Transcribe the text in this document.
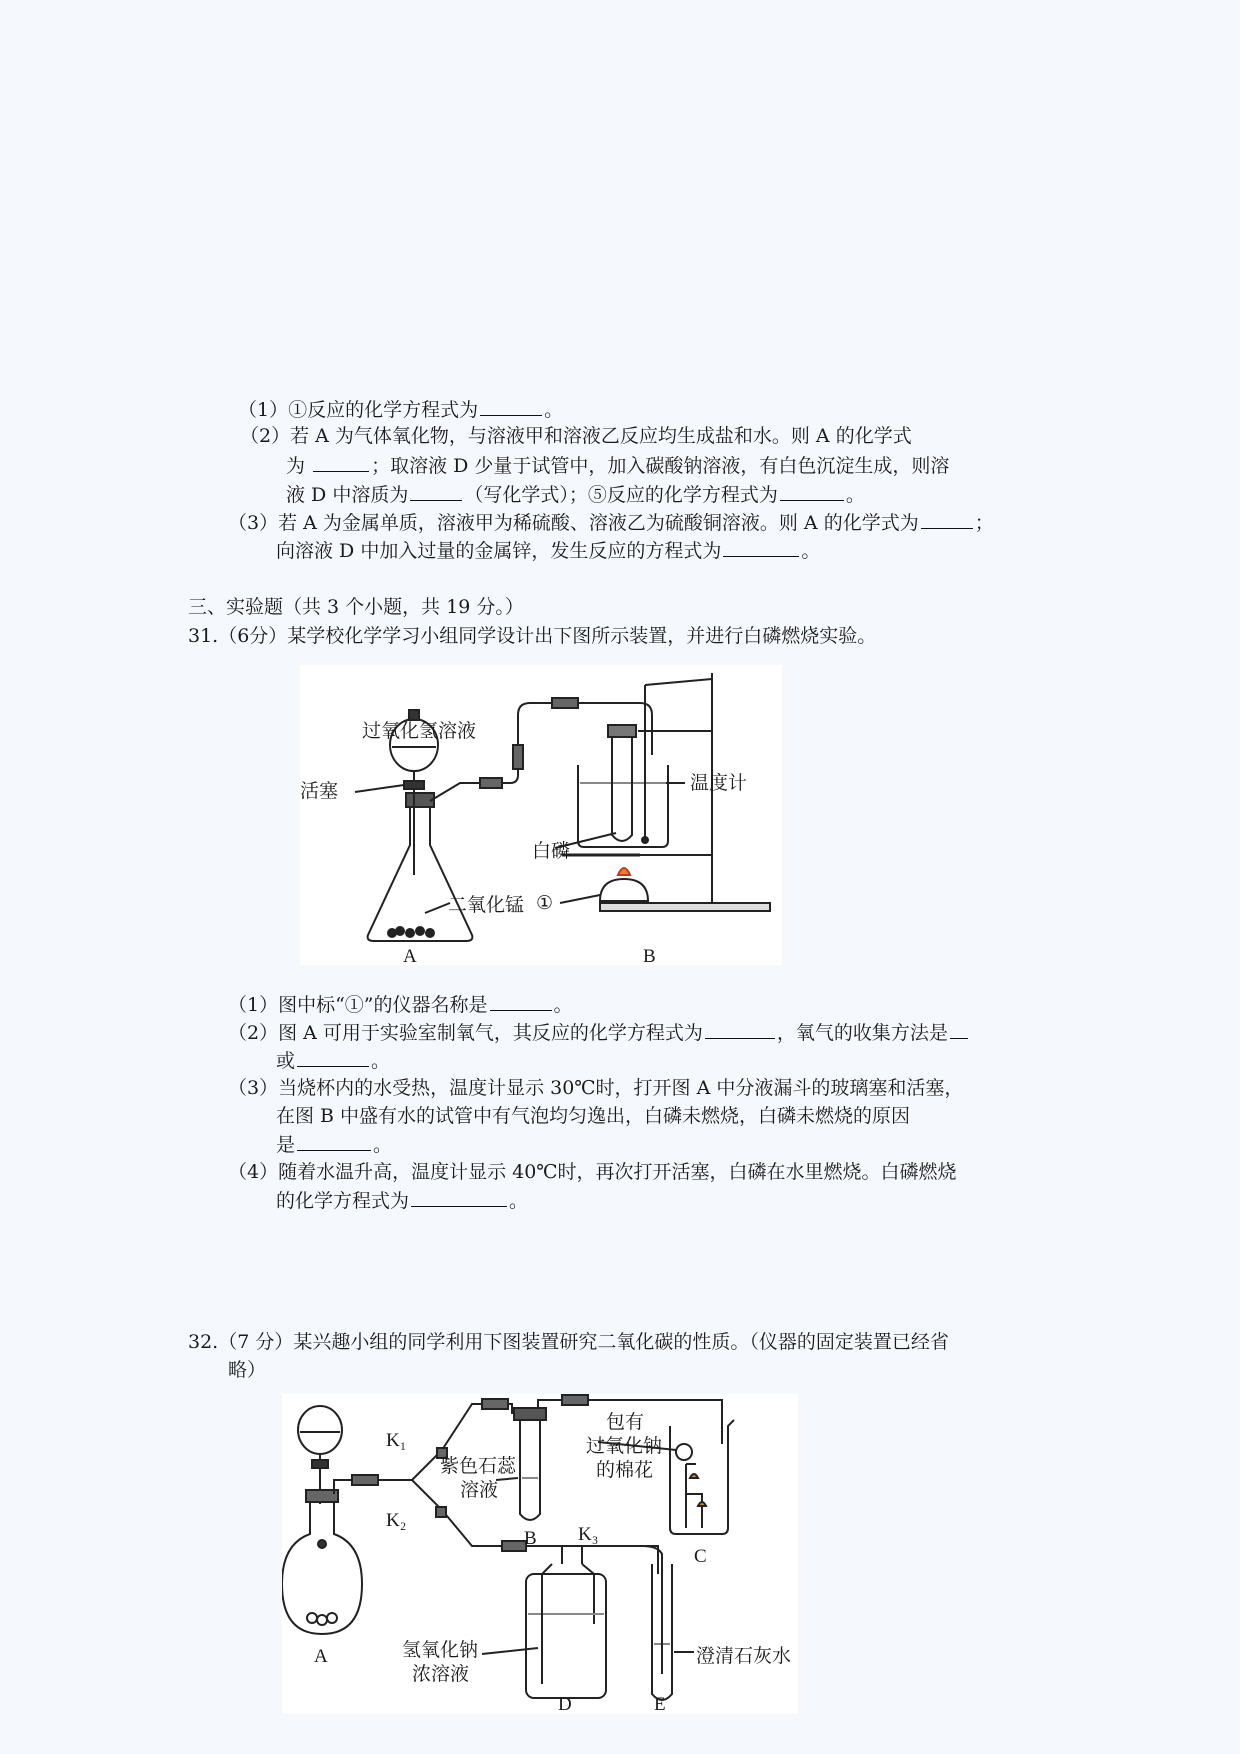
（1）①反应的化学方程式为	。
（2）若 A 为气体氧化物，与溶液甲和溶液乙反应均生成盐和水。则 A 的化学式
为	；取溶液 D 少量于试管中，加入碳酸钠溶液，有白色沉淀生成，则溶
液 D 中溶质为	（写化学式）；⑤反应的化学方程式为	。
（3）若 A 为金属单质，溶液甲为稀硫酸、溶液乙为硫酸铜溶液。则 A 的化学式为	；
向溶液 D 中加入过量的金属锌，发生反应的方程式为	。
三、实验题（共 3 个小题，共 19 分。）
31.（6分）某学校化学学习小组同学设计出下图所示装置，并进行白磷燃烧实验。
过氧化氢溶液
活塞
二氧化锰
白磷
温度计
①
A	B
（1）图中标“①”的仪器名称是	。
（2）图 A 可用于实验室制氧气，其反应的化学方程式为	，氧气的收集方法是
或	。
（3）当烧杯内的水受热，温度计显示 30℃时，打开图 A 中分液漏斗的玻璃塞和活塞，
在图 B 中盛有水的试管中有气泡均匀逸出，白磷未燃烧，白磷未燃烧的原因
是	。
（4）随着水温升高，温度计显示 40℃时，再次打开活塞，白磷在水里燃烧。白磷燃烧
的化学方程式为	。
32.（7 分）某兴趣小组的同学利用下图装置研究二氧化碳的性质。（仪器的固定装置已经省
略）
K₁
K₂
K₃
紫色石蕊
溶液
包有
过氧化钠
的棉花
氢氧化钠
浓溶液
澄清石灰水
A
B
C
D	E
